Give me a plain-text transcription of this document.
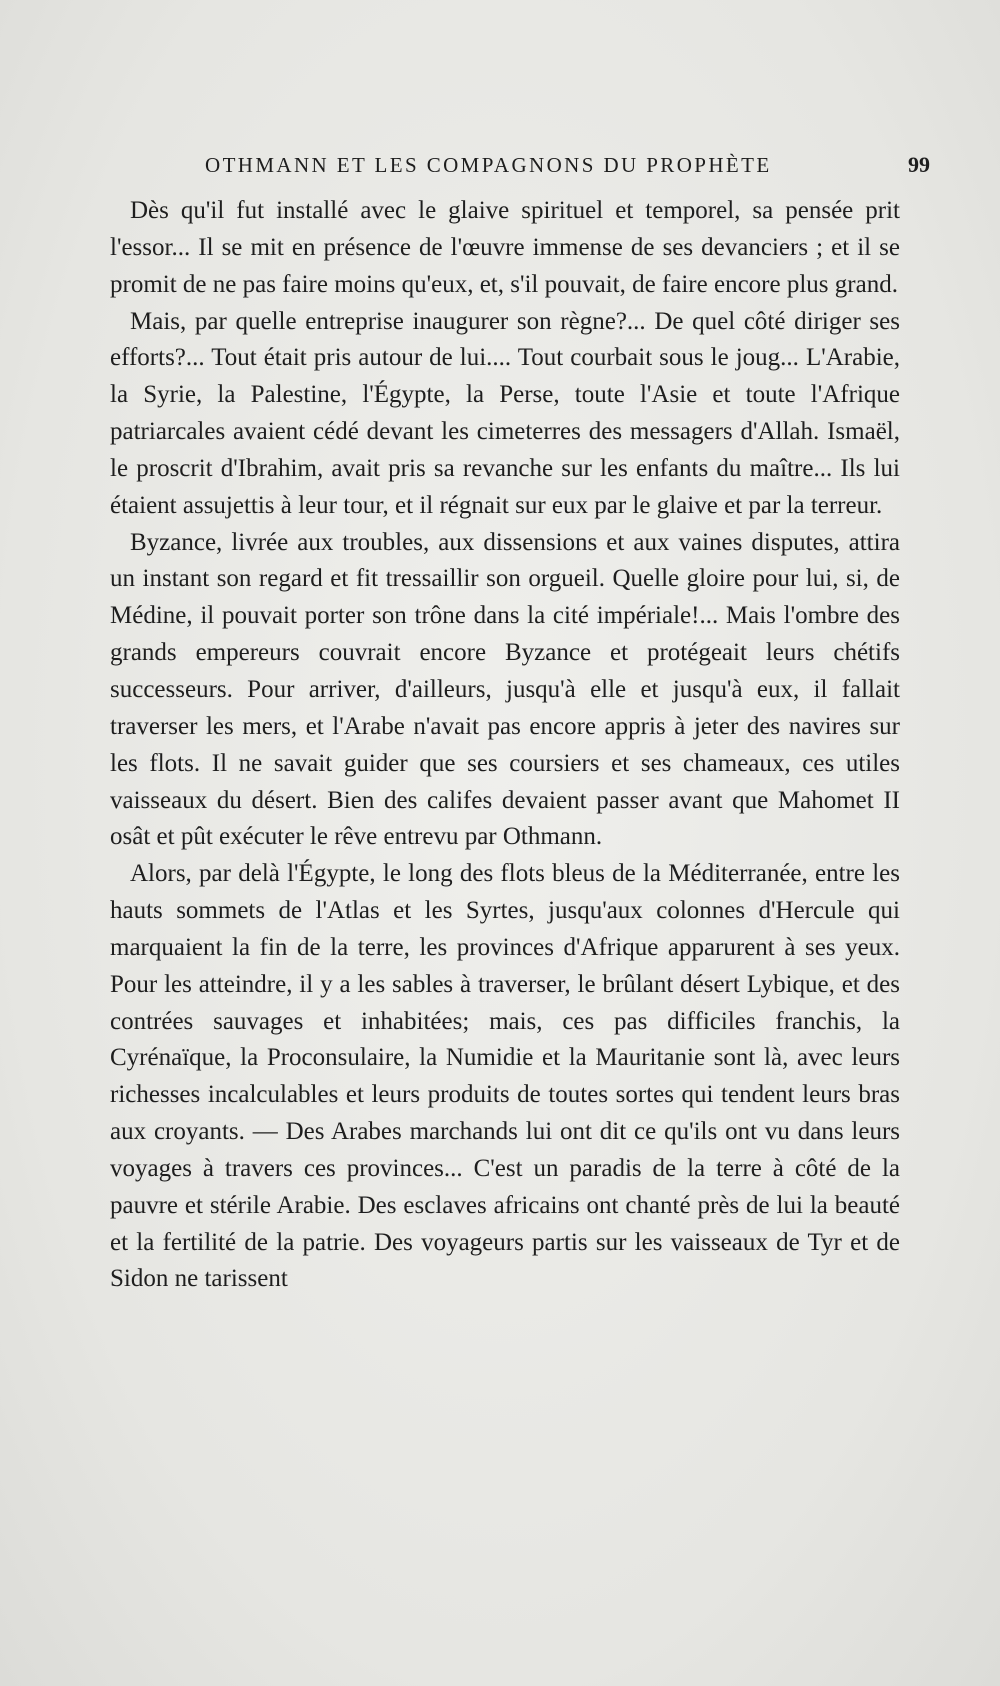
OTHMANN ET LES COMPAGNONS DU PROPHÈTE	99

Dès qu'il fut installé avec le glaive spirituel et temporel, sa pensée prit l'essor... Il se mit en présence de l'œuvre immense de ses devanciers ; et il se promit de ne pas faire moins qu'eux, et, s'il pouvait, de faire encore plus grand.

Mais, par quelle entreprise inaugurer son règne?... De quel côté diriger ses efforts?... Tout était pris autour de lui.... Tout courbait sous le joug... L'Arabie, la Syrie, la Palestine, l'Égypte, la Perse, toute l'Asie et toute l'Afrique patriarcales avaient cédé devant les cimeterres des messagers d'Allah. Ismaël, le proscrit d'Ibrahim, avait pris sa revanche sur les enfants du maître... Ils lui étaient assujettis à leur tour, et il régnait sur eux par le glaive et par la terreur.

Byzance, livrée aux troubles, aux dissensions et aux vaines disputes, attira un instant son regard et fit tressaillir son orgueil. Quelle gloire pour lui, si, de Médine, il pouvait porter son trône dans la cité impériale!... Mais l'ombre des grands empereurs couvrait encore Byzance et protégeait leurs chétifs successeurs. Pour arriver, d'ailleurs, jusqu'à elle et jusqu'à eux, il fallait traverser les mers, et l'Arabe n'avait pas encore appris à jeter des navires sur les flots. Il ne savait guider que ses coursiers et ses chameaux, ces utiles vaisseaux du désert. Bien des califes devaient passer avant que Mahomet II osât et pût exécuter le rêve entrevu par Othmann.

Alors, par delà l'Égypte, le long des flots bleus de la Méditerranée, entre les hauts sommets de l'Atlas et les Syrtes, jusqu'aux colonnes d'Hercule qui marquaient la fin de la terre, les provinces d'Afrique apparurent à ses yeux. Pour les atteindre, il y a les sables à traverser, le brûlant désert Lybique, et des contrées sauvages et inhabitées; mais, ces pas difficiles franchis, la Cyrénaïque, la Proconsulaire, la Numidie et la Mauritanie sont là, avec leurs richesses incalculables et leurs produits de toutes sortes qui tendent leurs bras aux croyants. — Des Arabes marchands lui ont dit ce qu'ils ont vu dans leurs voyages à travers ces provinces... C'est un paradis de la terre à côté de la pauvre et stérile Arabie. Des esclaves africains ont chanté près de lui la beauté et la fertilité de la patrie. Des voyageurs partis sur les vaisseaux de Tyr et de Sidon ne tarissent
